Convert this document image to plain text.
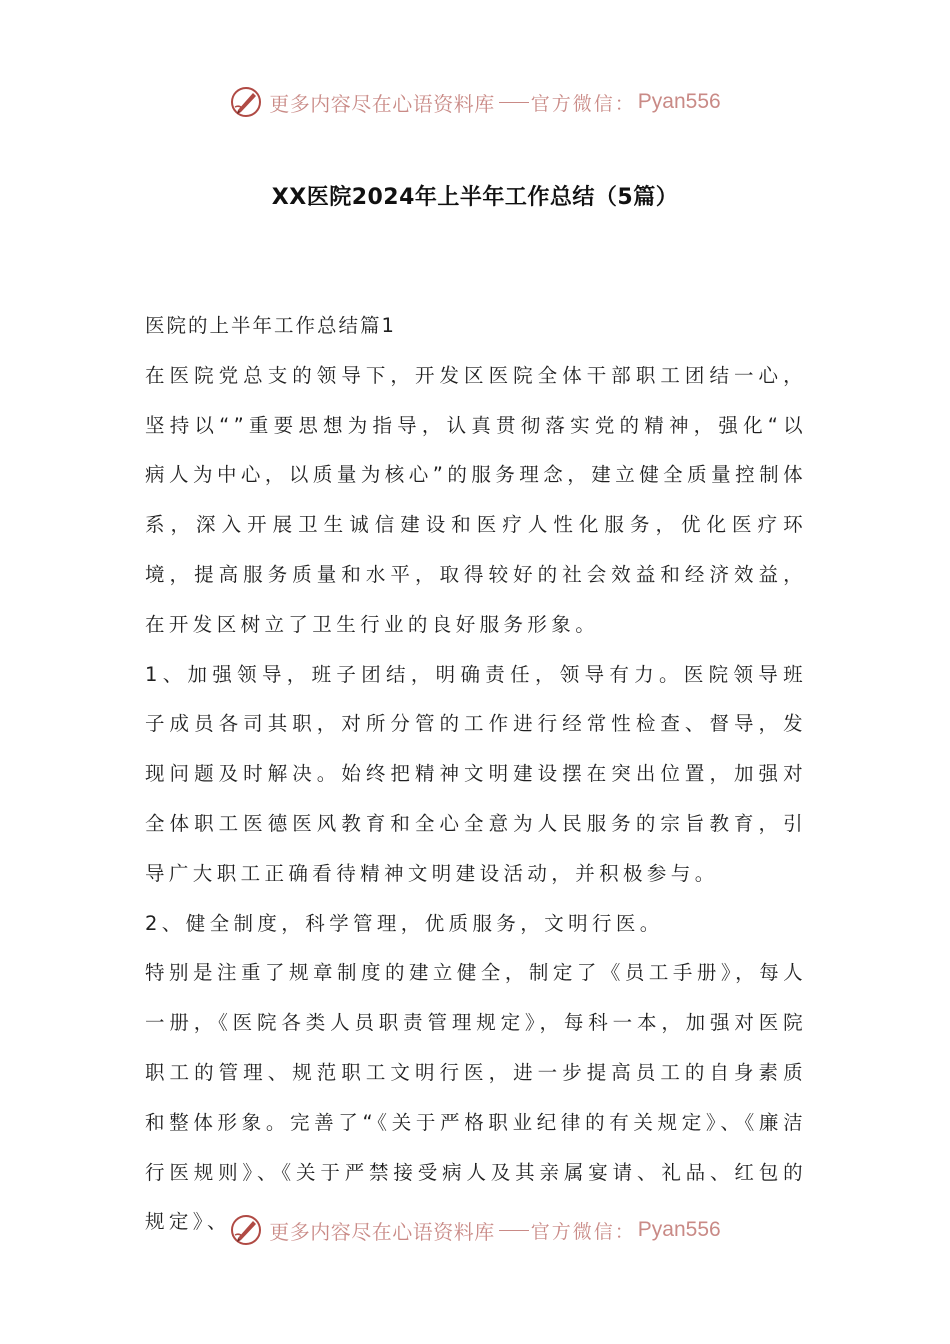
更多内容尽在心语资料库 官方微信： Pyan556
XX医院2024年上半年工作总结（5篇）

医院的上半年工作总结篇1

在医院党总支的领导下，开发区医院全体干部职工团结一心，坚持以“”重要思想为指导，认真贯彻落实党的精神，强化“以病人为中心，以质量为核心”的服务理念，建立健全质量控制体系，深入开展卫生诚信建设和医疗人性化服务，优化医疗环境，提高服务质量和水平，取得较好的社会效益和经济效益，在开发区树立了卫生行业的良好服务形象。

1、加强领导，班子团结，明确责任，领导有力。医院领导班子成员各司其职，对所分管的工作进行经常性检查、督导，发现问题及时解决。始终把精神文明建设摆在突出位置，加强对全体职工医德医风教育和全心全意为人民服务的宗旨教育，引导广大职工正确看待精神文明建设活动，并积极参与。

2、健全制度，科学管理，优质服务，文明行医。

特别是注重了规章制度的建立健全，制定了《员工手册》，每人一册，《医院各类人员职责管理规定》，每科一本，加强对医院职工的管理、规范职工文明行医，进一步提高员工的自身素质和整体形象。完善了“《关于严格职业纪律的有关规定》、《廉洁行医规则》、《关于严禁接受病人及其亲属宴请、礼品、红包的规定》、	更多内容尽在心语资料库 官方微信： Pyan556
